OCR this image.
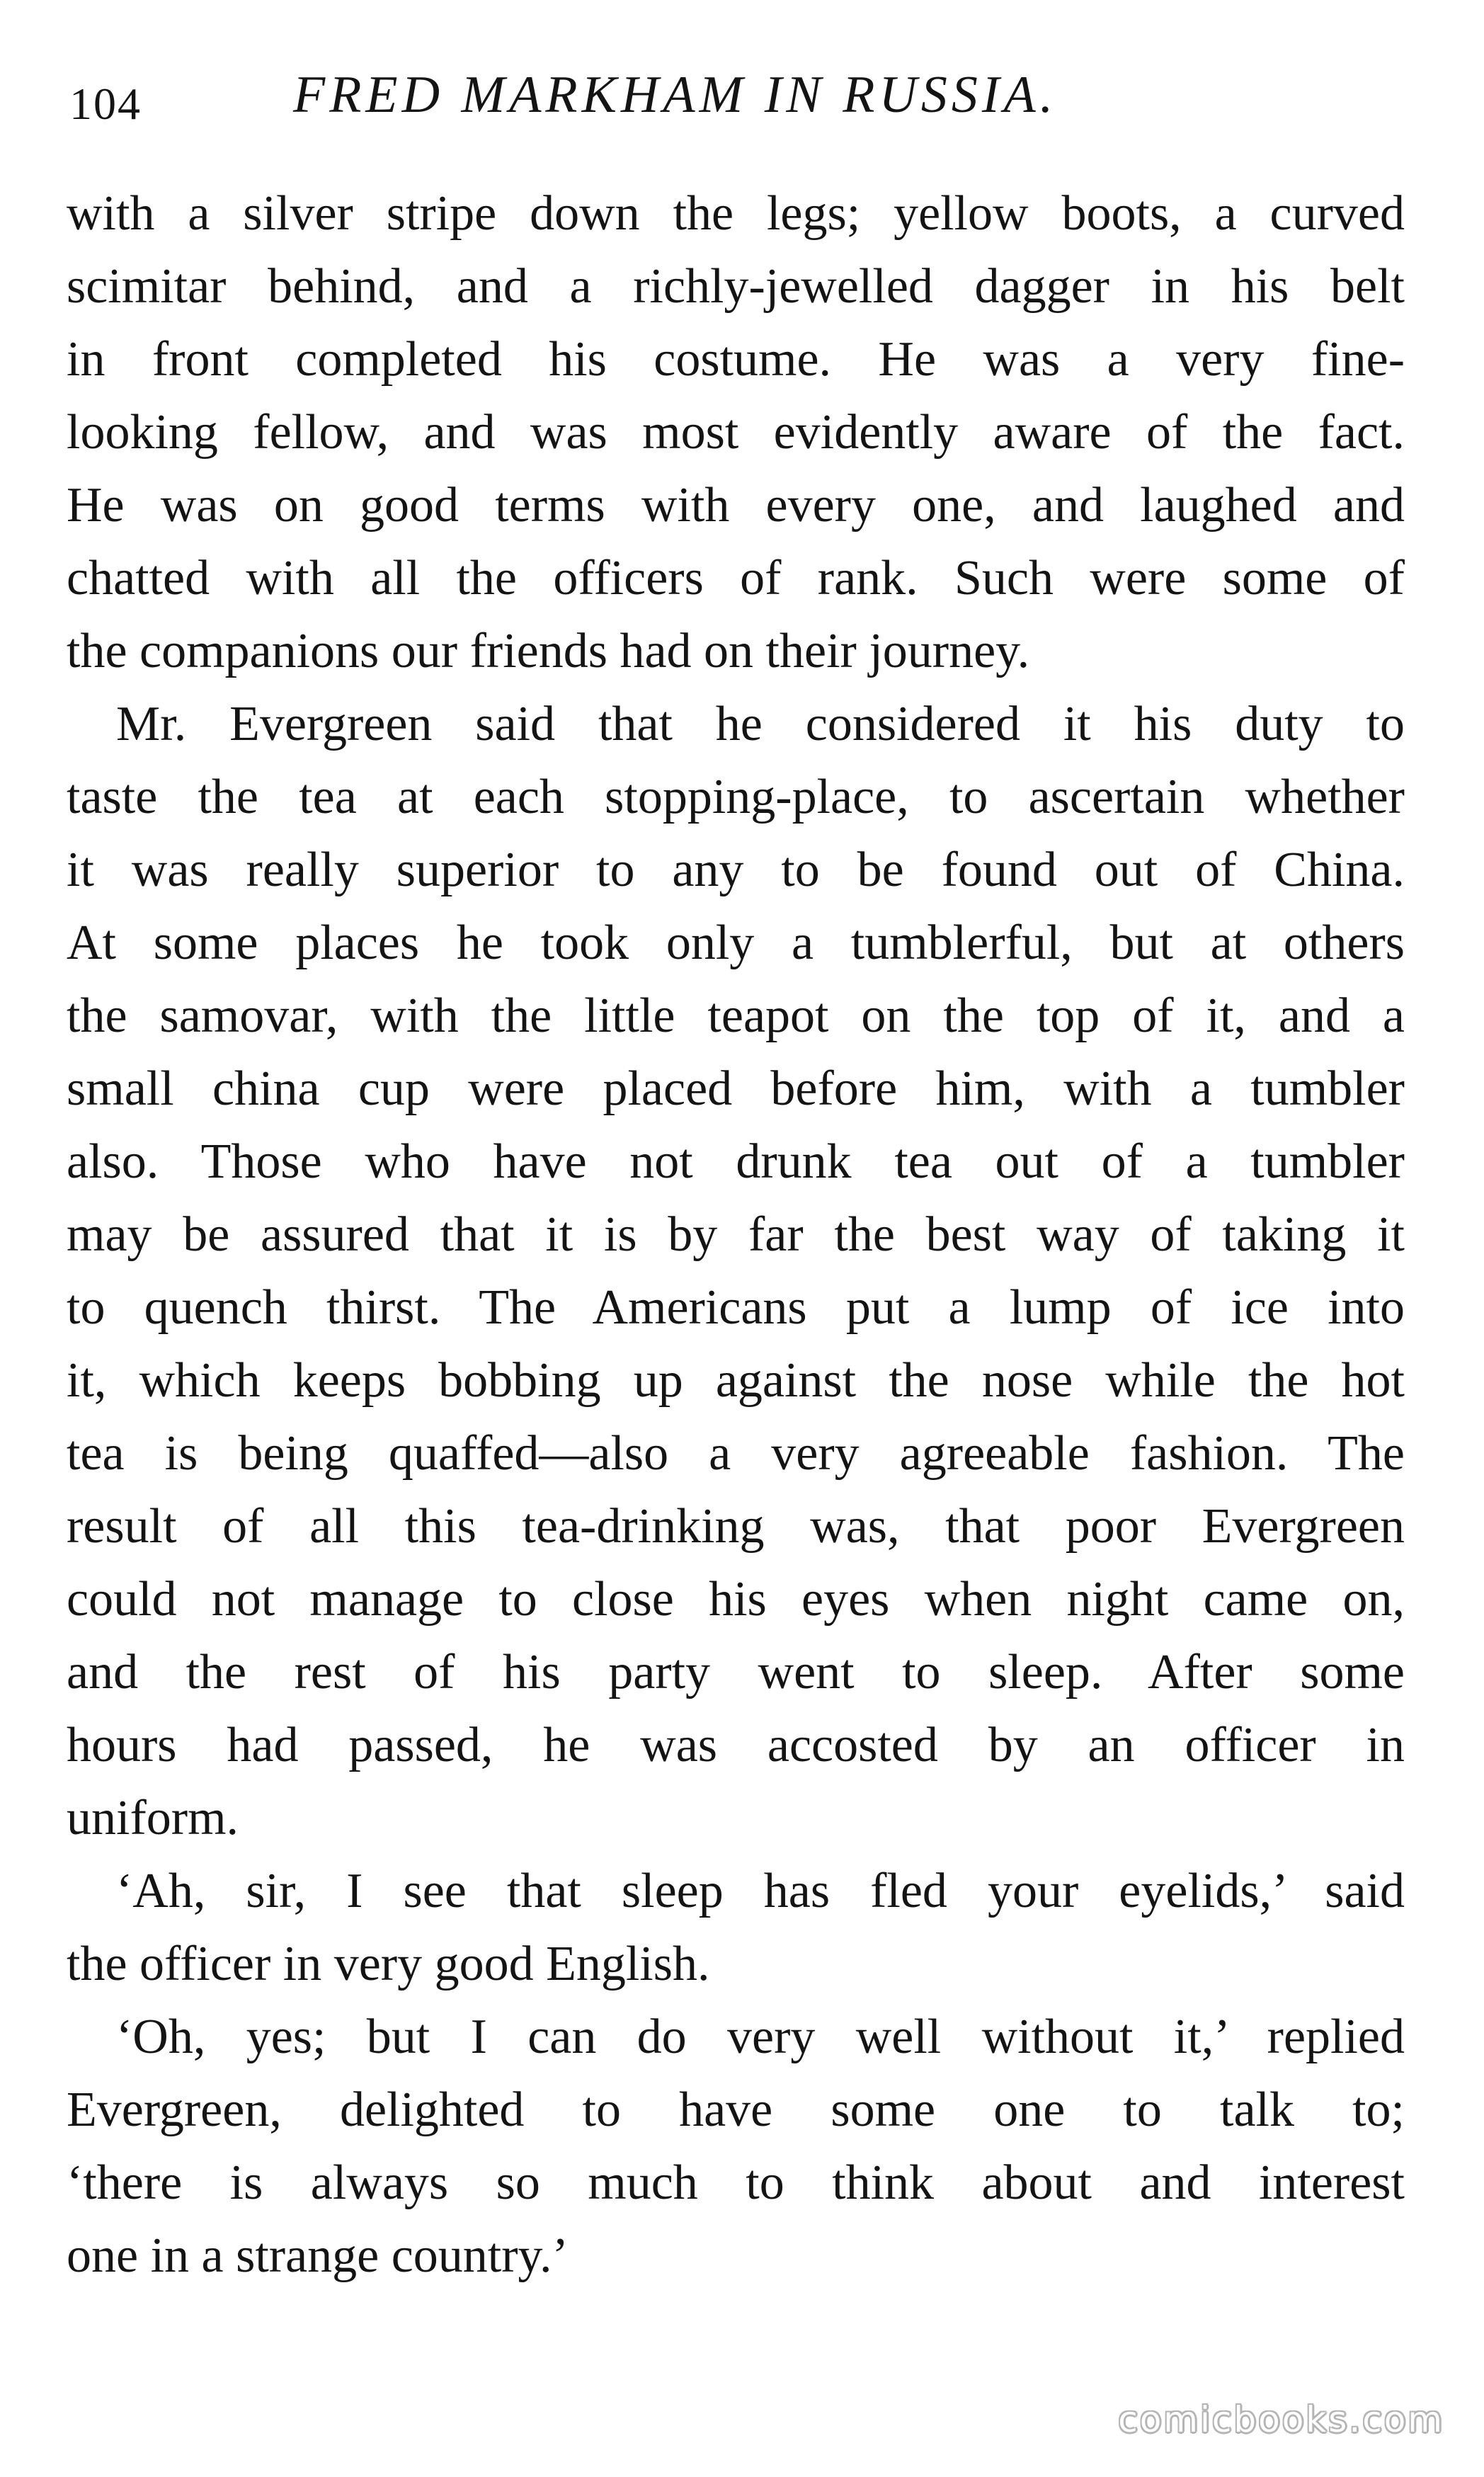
104	FRED MARKHAM IN RUSSIA.
with a silver stripe down the legs; yellow boots, a curved
scimitar behind, and a richly-jewelled dagger in his belt
in front completed his costume. He was a very fine-
looking fellow, and was most evidently aware of the fact.
He was on good terms with every one, and laughed and
chatted with all the officers of rank. Such were some of
the companions our friends had on their journey.
Mr. Evergreen said that he considered it his duty to
taste the tea at each stopping-place, to ascertain whether
it was really superior to any to be found out of China.
At some places he took only a tumblerful, but at others
the samovar, with the little teapot on the top of it, and a
small china cup were placed before him, with a tumbler
also. Those who have not drunk tea out of a tumbler
may be assured that it is by far the best way of taking it
to quench thirst. The Americans put a lump of ice into
it, which keeps bobbing up against the nose while the hot
tea is being quaffed—also a very agreeable fashion. The
result of all this tea-drinking was, that poor Evergreen
could not manage to close his eyes when night came on,
and the rest of his party went to sleep. After some
hours had passed, he was accosted by an officer in
uniform.
‘Ah, sir, I see that sleep has fled your eyelids,’ said
the officer in very good English.
‘Oh, yes; but I can do very well without it,’ replied
Evergreen, delighted to have some one to talk to;
‘there is always so much to think about and interest
one in a strange country.’
comicbooks.com
